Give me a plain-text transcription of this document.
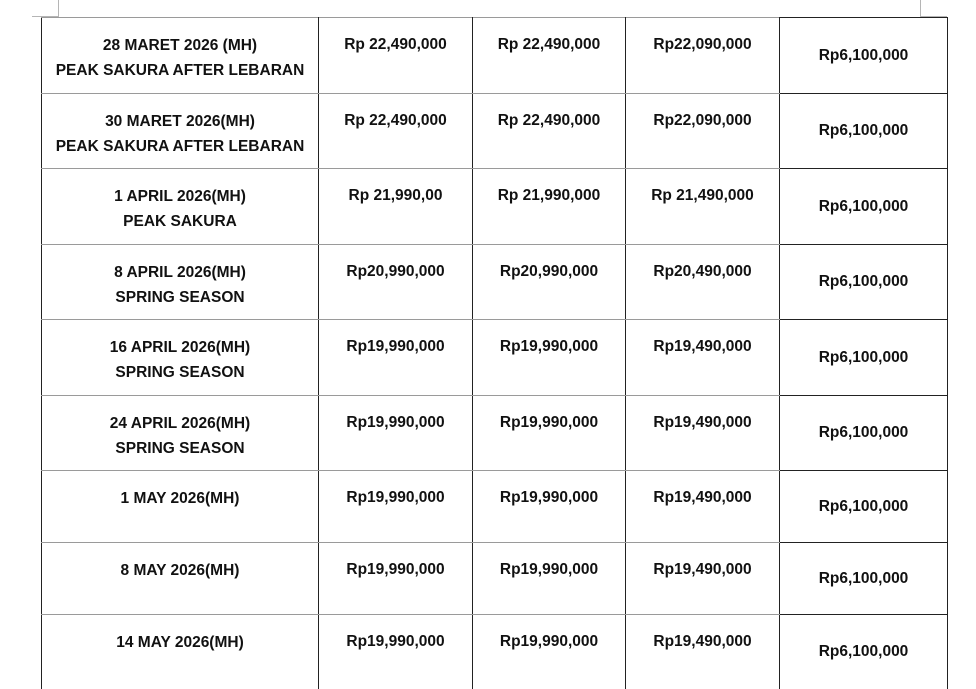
28 MARET 2026 (MH)
PEAK SAKURA AFTER LEBARAN	Rp 22,490,000	Rp 22,490,000	Rp22,090,000	Rp6,100,000

30 MARET 2026(MH)
PEAK SAKURA AFTER LEBARAN	Rp 22,490,000	Rp 22,490,000	Rp22,090,000	Rp6,100,000

1 APRIL 2026(MH)
PEAK SAKURA	Rp 21,990,00	Rp 21,990,000	Rp 21,490,000	Rp6,100,000

8 APRIL 2026(MH)
SPRING SEASON	Rp20,990,000	Rp20,990,000	Rp20,490,000	Rp6,100,000

16 APRIL 2026(MH)
SPRING SEASON	Rp19,990,000	Rp19,990,000	Rp19,490,000	Rp6,100,000

24 APRIL 2026(MH)
SPRING SEASON	Rp19,990,000	Rp19,990,000	Rp19,490,000	Rp6,100,000

1 MAY 2026(MH)	Rp19,990,000	Rp19,990,000	Rp19,490,000	Rp6,100,000

8 MAY 2026(MH)	Rp19,990,000	Rp19,990,000	Rp19,490,000	Rp6,100,000

14 MAY 2026(MH)	Rp19,990,000	Rp19,990,000	Rp19,490,000	Rp6,100,000
